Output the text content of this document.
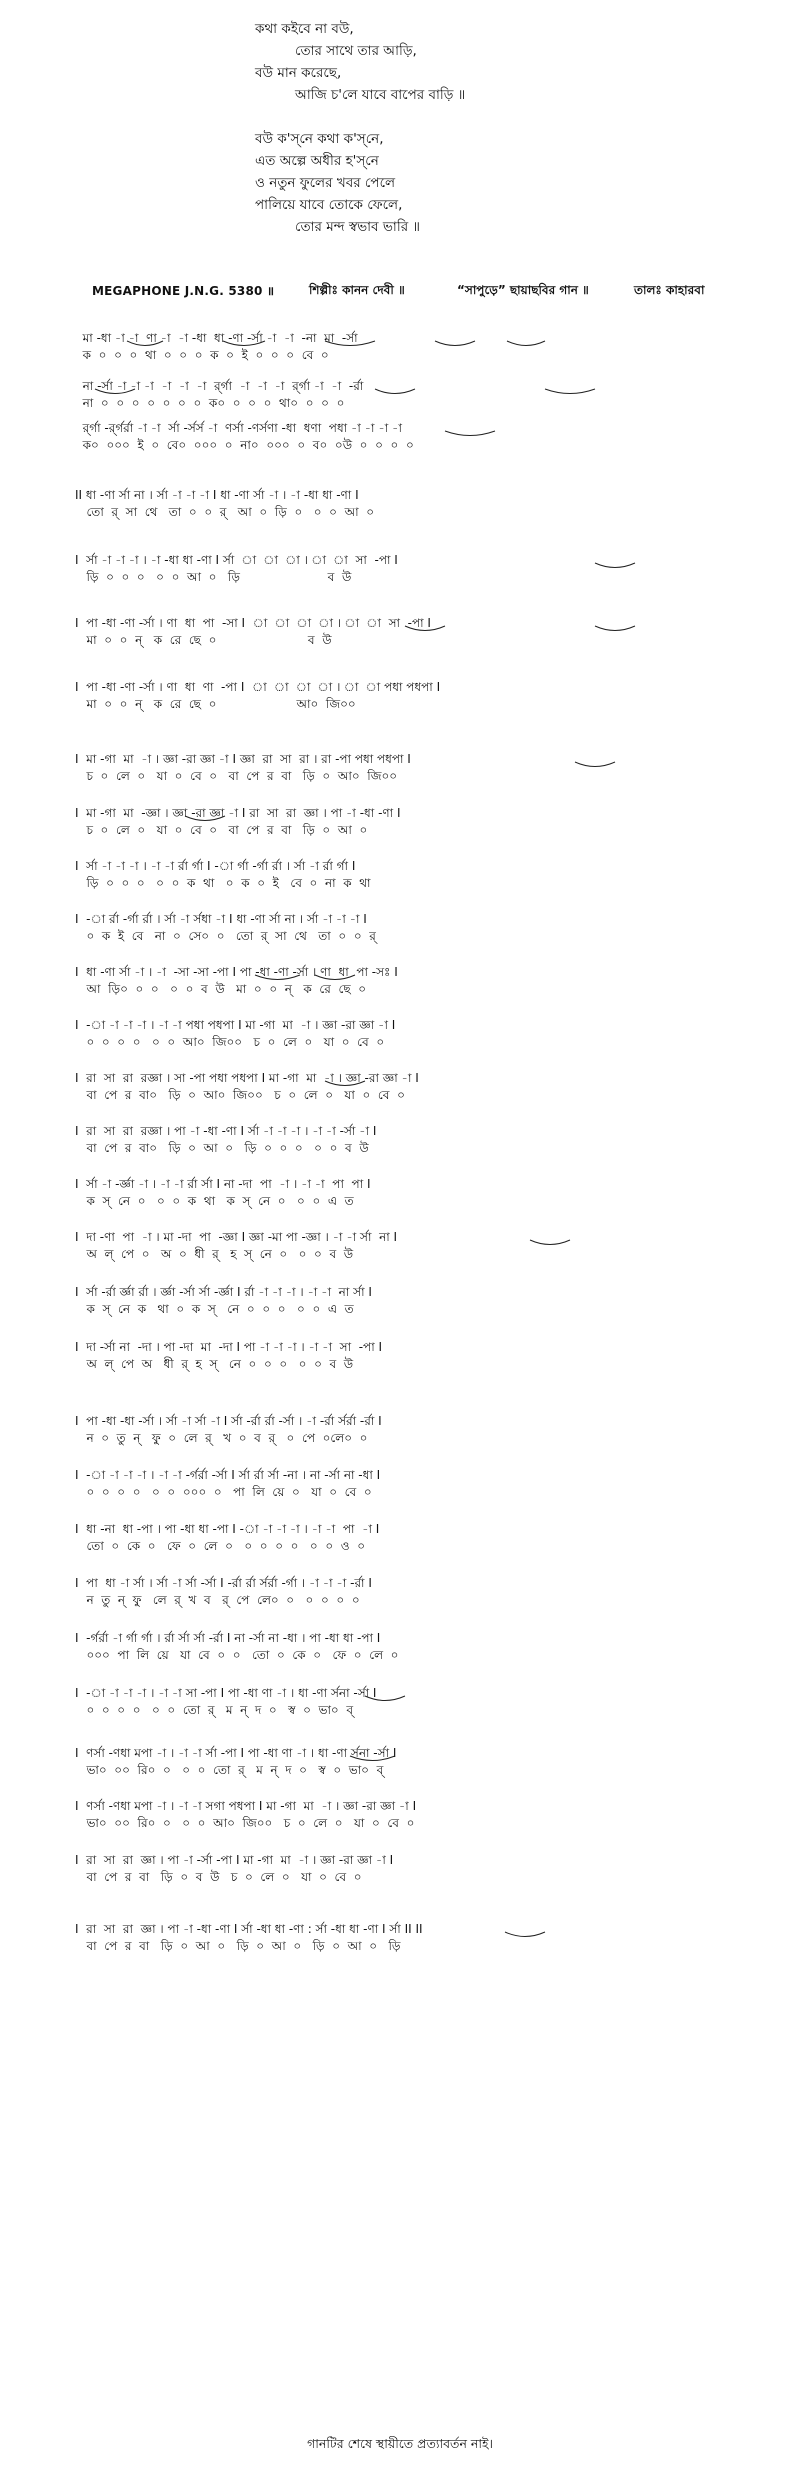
কথা কইবে না বউ,
তোর সাথে তার আড়ি,
বউ মান করেছে,
আজি চ'লে যাবে বাপের বাড়ি ॥
বউ ক'স্‌নে কথা ক'স্‌নে,
এত অল্পে অধীর হ'স্‌নে
ও নতুন ফুলের খবর পেলে
পালিয়ে যাবে তোকে ফেলে,
তোর মন্দ স্বভাব ভারি ॥
MEGAPHONE J.N.G. 5380 ॥	শিল্পীঃ কানন দেবী ॥	“সাপুড়ে” ছায়াছবির গান ॥	তালঃ কাহারবা
মা -ধা -া -া  ণা -া  -া -ধা  ধা -ণা -র্সা -া  -া  -না  মা  -র্সা
ক  ০  ০  ০  থা  ০  ০  ০  ক  ০  ই  ০  ০  ০  বে  ০
না -র্সা -া -া -া  -া  -া  -া  র্র্গা  -া  -া  -া  র্র্গা -া  -া  -র্রা
না  ০  ০  ০  ০  ০  ০  ০  ক০  ০  ০  ০  থা০  ০  ০  ০
র্র্গা -র্র্গর্রা -া -া  র্সা -র্সর্স -া  ণর্সা -ণর্সণা -ধা  ধণা  পধা -া -া -া -া
ক০  ০০০  ই  ০  বে০  ০০০  ০  না০  ০০০  ০  ব০  ০উ  ০  ০  ০  ০
II ধা -ণা র্সা না । র্সা -া -া -া I ধা -ণা র্সা -া । -া -ধা ধা -ণা I
তো  র্‌  সা  থে   তা  ০  ০  র্‌   আ  ০  ড়ি  ০   ০  ০  আ  ০
I  র্সা -া -া -া । -া -ধা ধা -ণা I র্সা  া  া  া । া  া  সা  -পা I
ড়ি  ০  ০  ০   ০  ০  আ  ০   ড়ি                       ব  উ
I  পা -ধা -ণা -র্সা । ণা  ধা  পা  -সা I  া  া  া  া । া  া  সা  -পা I
মা  ০  ০  ন্‌   ক  রে  ছে  ০                        ব  উ
I  পা -ধা -ণা -র্সা । ণা  ধা  ণা  -পা I  া  া  া  া । া  া পধা পধপা I
মা  ০  ০  ন্‌   ক  রে  ছে  ০                     আ০  জি০০
I  মা -গা  মা  -া । জ্ঞা -রা জ্ঞা -া I জ্ঞা  রা  সা  রা । রা -পা পধা পধপা I
চ  ০  লে  ০   যা  ০  বে  ০   বা  পে  র  বা   ড়ি  ০  আ০  জি০০
I  মা -গা  মা  -জ্ঞা । জ্ঞা -রা জ্ঞা -া I রা  সা  রা  জ্ঞা । পা -া -ধা -ণা I
চ  ০  লে  ০   যা  ০  বে  ০   বা  পে  র  বা   ড়ি  ০  আ  ০
I  র্সা -া -া -া । -া -া র্রা র্গা I -া র্গা -র্গা র্রা । র্সা -া র্রা র্গা I
ড়ি  ০  ০  ০   ০  ০  ক  থা   ০  ক  ০  ই   বে  ০  না  ক  থা
I  -া র্রা -র্গা র্রা । র্সা -া র্সধা -া I ধা -ণা র্সা না । র্সা -া -া -া I
০  ক  ই  বে   না  ০  সে০  ০   তো  র্‌  সা  থে   তা  ০  ০  র্‌
I  ধা -ণা র্সা -া । -া  -সা -সা -পা I পা -ধা -ণা -র্সা । ণা  ধা  পা -সঃ I
আ  ড়ি০  ০  ০   ০  ০  ব  উ   মা  ০  ০  ন্‌   ক  রে  ছে  ০
I  -া -া -া -া । -া -া পধা পধপা I মা -গা  মা  -া । জ্ঞা -রা জ্ঞা -া I
০  ০  ০  ০   ০  ০  আ০  জি০০   চ  ০  লে  ০   যা  ০  বে  ০
I  রা  সা  রা  রজ্ঞা । সা -পা পধা পধপা I মা -গা  মা  -া । জ্ঞা -রা জ্ঞা -া I
বা  পে  র  বা০   ড়ি  ০  আ০  জি০০   চ  ০  লে  ০   যা  ০  বে  ০
I  রা  সা  রা  রজ্ঞা । পা -া -ধা -ণা I র্সা -া -া -া । -া -া -র্সা -া I
বা  পে  র  বা০   ড়ি  ০  আ  ০   ড়ি  ০  ০  ০   ০  ০  ব  উ
I  র্সা -া -র্জ্ঞা -া । -া -া র্রা র্সা I না -দা  পা  -া । -া -া  পা  পা I
ক  স্‌  নে  ০   ০  ০  ক  থা   ক  স্‌  নে  ০   ০  ০  এ  ত
I  দা -ণা  পা  -া । মা -দা  পা  -জ্ঞা I জ্ঞা -মা পা -জ্ঞা । -া -া র্সা  না I
অ  ল্‌  পে  ০   অ  ০  ধী  র্‌   হ  স্‌  নে  ০   ০  ০  ব  উ
I  র্সা -র্রা র্জ্ঞা র্রা । র্জ্ঞা -র্সা র্সা -র্জ্ঞা I র্রা -া -া -া । -া -া  না র্সা I
ক  স্‌  নে  ক   থা  ০  ক  স্‌   নে  ০  ০  ০   ০  ০  এ  ত
I  দা -র্সা না  -দা । পা -দা  মা  -দা I পা -া -া -া । -া -া  সা  -পা I
অ  ল্‌  পে  অ   ধী  র্‌  হ  স্‌   নে  ০  ০  ০   ০  ০  ব  উ
I  পা -ধা -ধা -র্সা । র্সা -া র্সা -া I র্সা -র্রা র্রা -র্সা । -া -র্রা র্সর্রা -র্রা I
ন  ০  তু  ন্‌   ফু  ০  লে  র্‌   খ  ০  ব  র্‌   ০  পে  ০লে০  ০
I  -া -া -া -া । -া -া -র্গর্রা -র্সা I র্সা র্রা র্সা -না । না -র্সা না -ধা I
০  ০  ০  ০   ০  ০  ০০০  ০   পা  লি  য়ে  ০   যা  ০  বে  ০
I  ধা -না  ধা -পা । পা -ধা ধা -পা I -া -া -া -া । -া -া  পা  -া I
তো  ০  কে  ০   ফে  ০  লে  ০   ০  ০  ০  ০   ০  ০  ও  ০
I  পা  ধা -া র্সা । র্সা -া র্সা -র্সা I -র্রা র্রা র্সর্রা -র্গা । -া -া -া -র্রা I
ন  তু  ন্‌  ফু   লে  র্‌  খ  ব   র্‌  পে  লে০  ০   ০  ০  ০  ০
I  -র্গর্রা -া র্গা র্গা । র্রা র্সা র্সা -র্রা I না -র্সা না -ধা । পা -ধা ধা -পা I
০০০  পা  লি  য়ে   যা  বে  ০  ০   তো  ০  কে  ০   ফে  ০  লে  ০
I  -া -া -া -া । -া -া সা -পা I পা -ধা ণা -া । ধা -ণা র্সনা -র্সা I
০  ০  ০  ০   ০  ০  তো  র্‌   ম  ন্‌  দ  ০   স্ব  ০  ভা০  ব্‌
I  ণর্সা -ণধা মপা -া । -া -া র্সা -পা I পা -ধা ণা -া । ধা -ণা র্সনা -র্সা I
ভা০  ০০  রি০  ০   ০  ০  তো  র্‌   ম  ন্‌  দ  ০   স্ব  ০  ভা০  ব্‌
I  ণর্সা -ণধা মপা -া । -া -া সগা পধপা I মা -গা  মা  -া । জ্ঞা -রা জ্ঞা -া I
ভা০  ০০  রি০  ০   ০  ০  আ০  জি০০   চ  ০  লে  ০   যা  ০  বে  ০
I  রা  সা  রা  জ্ঞা । পা -া -র্সা -পা I মা -গা  মা  -া । জ্ঞা -রা জ্ঞা -া I
বা  পে  র  বা   ড়ি  ০  ব  উ   চ  ০  লে  ০   যা  ০  বে  ০
I  রা  সা  রা  জ্ঞা । পা -া -ধা -ণা I র্সা -ধা ধা -ণা : র্সা -ধা ধা -ণা I র্সা II II
বা  পে  র  বা   ড়ি  ০  আ  ০   ড়ি  ০  আ  ০   ড়ি  ০  আ  ০   ড়ি
গানটির শেষে স্থায়ীতে প্রত্যাবর্তন নাই।
